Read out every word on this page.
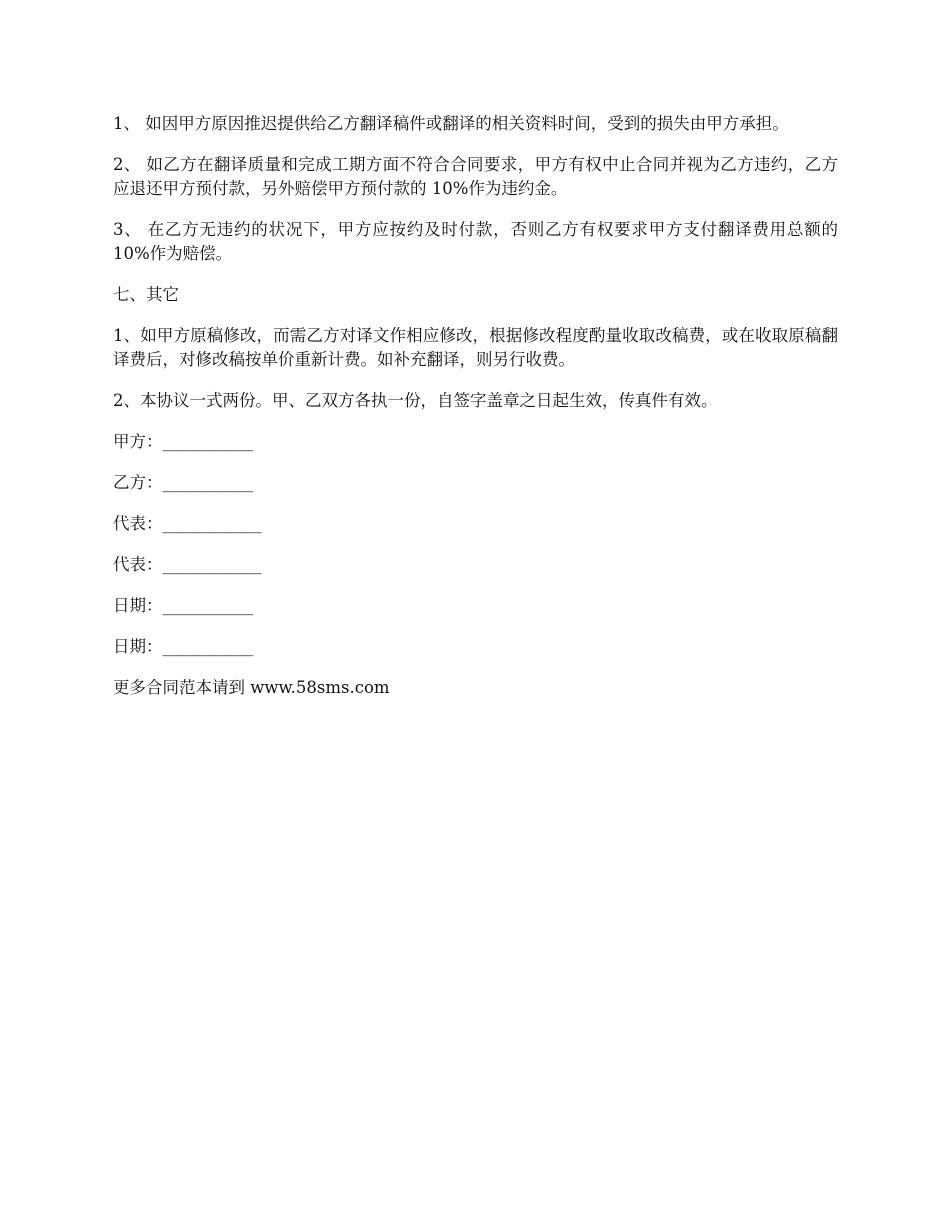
1、 如因甲方原因推迟提供给乙方翻译稿件或翻译的相关资料时间，受到的损失由甲方承担。

2、 如乙方在翻译质量和完成工期方面不符合合同要求，甲方有权中止合同并视为乙方违约，乙方应退还甲方预付款，另外赔偿甲方预付款的 10%作为违约金。

3、 在乙方无违约的状况下，甲方应按约及时付款，否则乙方有权要求甲方支付翻译费用总额的 10%作为赔偿。

七、其它

1、如甲方原稿修改，而需乙方对译文作相应修改，根据修改程度酌量收取改稿费，或在收取原稿翻译费后，对修改稿按单价重新计费。如补充翻译，则另行收费。

2、本协议一式两份。甲、乙双方各执一份，自签字盖章之日起生效，传真件有效。

甲方：___________

乙方：___________

代表：____________

代表：____________

日期：___________

日期：___________

更多合同范本请到 www.58sms.com
